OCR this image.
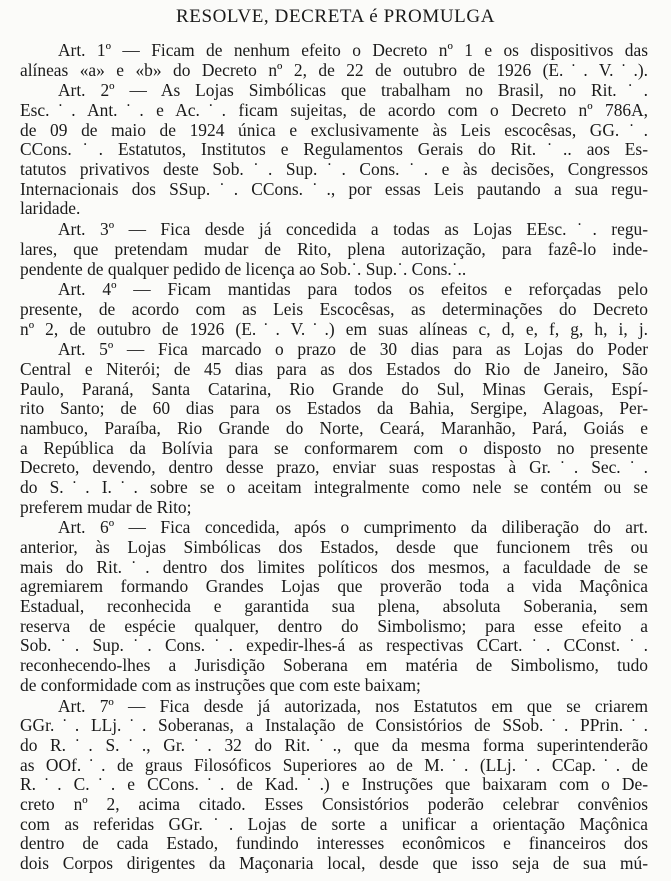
RESOLVE, DECRETA é PROMULGA
Art. 1º — Ficam de nenhum efeito o Decreto nº 1 e os dispositivos das
alíneas «a» e «b» do Decreto nº 2, de 22 de outubro de 1926 (E.˙. V.˙.).
Art. 2º — As Lojas Simbólicas que trabalham no Brasil, no Rit.˙.
Esc.˙. Ant.˙. e Ac.˙. ficam sujeitas, de acordo com o Decreto nº 786A,
de 09 de maio de 1924 única e exclusivamente às Leis escocêsas, GG.˙.
CCons.˙. Estatutos, Institutos e Regulamentos Gerais do Rit.˙.. aos Es-
tatutos privativos deste Sob.˙. Sup.˙. Cons.˙. e às decisões, Congressos
Internacionais dos SSup.˙. CCons.˙., por essas Leis pautando a sua regu-
laridade.
Art. 3º — Fica desde já concedida a todas as Lojas EEsc.˙. regu-
lares, que pretendam mudar de Rito, plena autorização, para fazê-lo inde-
pendente de qualquer pedido de licença ao Sob.˙. Sup.˙. Cons.˙..
Art. 4º — Ficam mantidas para todos os efeitos e reforçadas pelo
presente, de acordo com as Leis Escocêsas, as determinações do Decreto
nº 2, de outubro de 1926 (E.˙. V.˙.) em suas alíneas c, d, e, f, g, h, i, j.
Art. 5º — Fica marcado o prazo de 30 dias para as Lojas do Poder
Central e Niterói; de 45 dias para as dos Estados do Rio de Janeiro, São
Paulo, Paraná, Santa Catarina, Rio Grande do Sul, Minas Gerais, Espí-
rito Santo; de 60 dias para os Estados da Bahia, Sergipe, Alagoas, Per-
nambuco, Paraíba, Rio Grande do Norte, Ceará, Maranhão, Pará, Goiás e
a República da Bolívia para se conformarem com o disposto no presente
Decreto, devendo, dentro desse prazo, enviar suas respostas à Gr.˙. Sec.˙.
do S.˙. I.˙. sobre se o aceitam integralmente como nele se contém ou se
preferem mudar de Rito;
Art. 6º — Fica concedida, após o cumprimento da diliberação do art.
anterior, às Lojas Simbólicas dos Estados, desde que funcionem três ou
mais do Rit.˙. dentro dos limites políticos dos mesmos, a faculdade de se
agremiarem formando Grandes Lojas que proverão toda a vida Maçônica
Estadual, reconhecida e garantida sua plena, absoluta Soberania, sem
reserva de espécie qualquer, dentro do Simbolismo; para esse efeito a
Sob.˙. Sup.˙. Cons.˙. expedir-lhes-á as respectivas CCart.˙. CConst.˙.
reconhecendo-lhes a Jurisdição Soberana em matéria de Simbolismo, tudo
de conformidade com as instruções que com este baixam;
Art. 7º — Fica desde já autorizada, nos Estatutos em que se criarem
GGr.˙. LLj.˙. Soberanas, a Instalação de Consistórios de SSob.˙. PPrin.˙.
do R.˙. S.˙., Gr.˙. 32 do Rit.˙., que da mesma forma superintenderão
as OOf.˙. de graus Filosóficos Superiores ao de M.˙. (LLj.˙. CCap.˙. de
R.˙. C.˙. e CCons.˙. de Kad.˙.) e Instruções que baixaram com o De-
creto nº 2, acima citado. Esses Consistórios poderão celebrar convênios
com as referidas GGr.˙. Lojas de sorte a unificar a orientação Maçônica
dentro de cada Estado, fundindo interesses econômicos e financeiros dos
dois Corpos dirigentes da Maçonaria local, desde que isso seja de sua mú-
